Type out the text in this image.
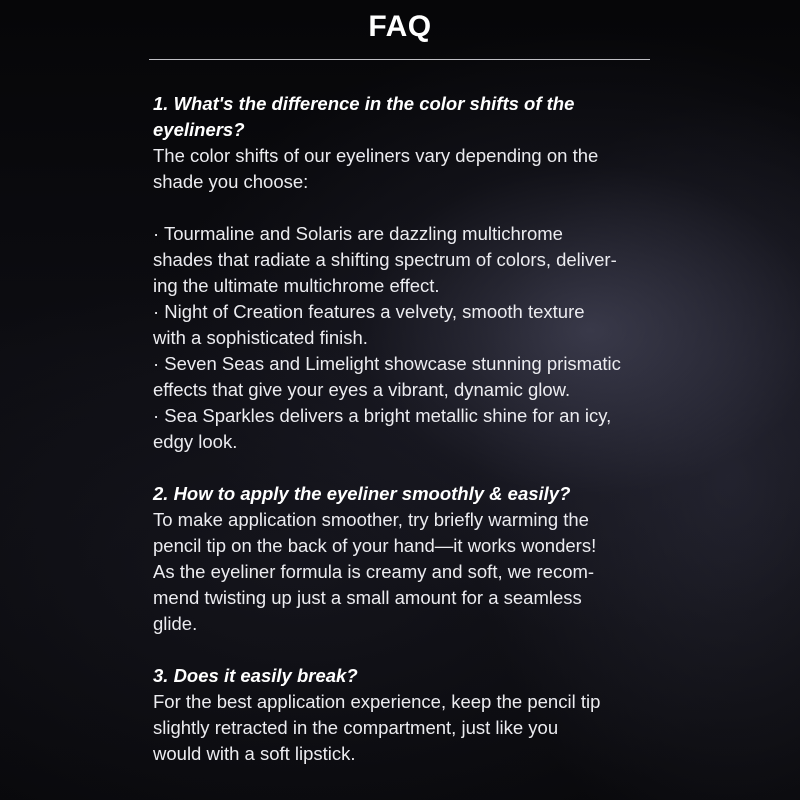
FAQ
1. What's the difference in the color shifts of the
eyeliners?
The color shifts of our eyeliners vary depending on the
shade you choose:
· Tourmaline and Solaris are dazzling multichrome
shades that radiate a shifting spectrum of colors, deliver-
ing the ultimate multichrome effect.
· Night of Creation features a velvety, smooth texture
with a sophisticated finish.
· Seven Seas and Limelight showcase stunning prismatic
effects that give your eyes a vibrant, dynamic glow.
· Sea Sparkles delivers a bright metallic shine for an icy,
edgy look.
2. How to apply the eyeliner smoothly & easily?
To make application smoother, try briefly warming the
pencil tip on the back of your hand—it works wonders!
As the eyeliner formula is creamy and soft, we recom-
mend twisting up just a small amount for a seamless
glide.
3. Does it easily break?
For the best application experience, keep the pencil tip
slightly retracted in the compartment, just like you
would with a soft lipstick.
